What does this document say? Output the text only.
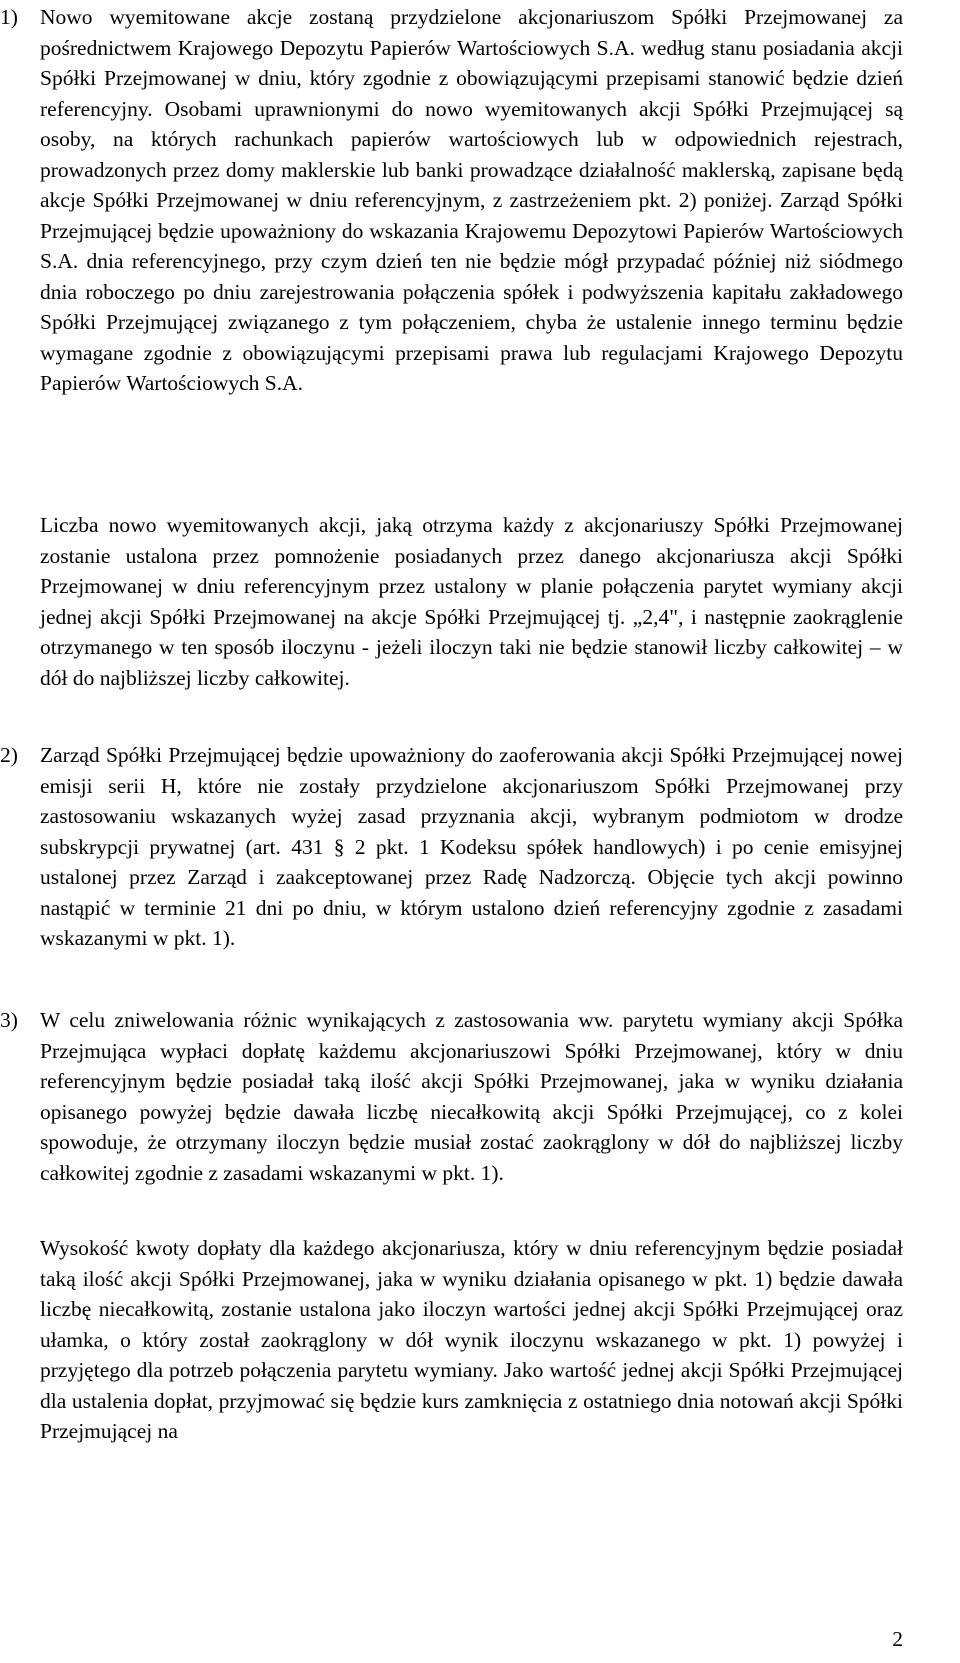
1) Nowo wyemitowane akcje zostaną przydzielone akcjonariuszom Spółki Przejmowanej za pośrednictwem Krajowego Depozytu Papierów Wartościowych S.A. według stanu posiadania akcji Spółki Przejmowanej w dniu, który zgodnie z obowiązującymi przepisami stanowić będzie dzień referencyjny. Osobami uprawnionymi do nowo wyemitowanych akcji Spółki Przejmującej są osoby, na których rachunkach papierów wartościowych lub w odpowiednich rejestrach, prowadzonych przez domy maklerskie lub banki prowadzące działalność maklerską, zapisane będą akcje Spółki Przejmowanej w dniu referencyjnym, z zastrzeżeniem pkt. 2) poniżej. Zarząd Spółki Przejmującej będzie upoważniony do wskazania Krajowemu Depozytowi Papierów Wartościowych S.A. dnia referencyjnego, przy czym dzień ten nie będzie mógł przypadać później niż siódmego dnia roboczego po dniu zarejestrowania połączenia spółek i podwyższenia kapitału zakładowego Spółki Przejmującej związanego z tym połączeniem, chyba że ustalenie innego terminu będzie wymagane zgodnie z obowiązującymi przepisami prawa lub regulacjami Krajowego Depozytu Papierów Wartościowych S.A.

Liczba nowo wyemitowanych akcji, jaką otrzyma każdy z akcjonariuszy Spółki Przejmowanej zostanie ustalona przez pomnożenie posiadanych przez danego akcjonariusza akcji Spółki Przejmowanej w dniu referencyjnym przez ustalony w planie połączenia parytet wymiany akcji jednej akcji Spółki Przejmowanej na akcje Spółki Przejmującej tj. „2,4", i następnie zaokrąglenie otrzymanego w ten sposób iloczynu - jeżeli iloczyn taki nie będzie stanowił liczby całkowitej – w dół do najbliższej liczby całkowitej.

2) Zarząd Spółki Przejmującej będzie upoważniony do zaoferowania akcji Spółki Przejmującej nowej emisji serii H, które nie zostały przydzielone akcjonariuszom Spółki Przejmowanej przy zastosowaniu wskazanych wyżej zasad przyznania akcji, wybranym podmiotom w drodze subskrypcji prywatnej (art. 431 § 2 pkt. 1 Kodeksu spółek handlowych) i po cenie emisyjnej ustalonej przez Zarząd i zaakceptowanej przez Radę Nadzorczą. Objęcie tych akcji powinno nastąpić w terminie 21 dni po dniu, w którym ustalono dzień referencyjny zgodnie z zasadami wskazanymi w pkt. 1).

3) W celu zniwelowania różnic wynikających z zastosowania ww. parytetu wymiany akcji Spółka Przejmująca wypłaci dopłatę każdemu akcjonariuszowi Spółki Przejmowanej, który w dniu referencyjnym będzie posiadał taką ilość akcji Spółki Przejmowanej, jaka w wyniku działania opisanego powyżej będzie dawała liczbę niecałkowitą akcji Spółki Przejmującej, co z kolei spowoduje, że otrzymany iloczyn będzie musiał zostać zaokrąglony w dół do najbliższej liczby całkowitej zgodnie z zasadami wskazanymi w pkt. 1).

Wysokość kwoty dopłaty dla każdego akcjonariusza, który w dniu referencyjnym będzie posiadał taką ilość akcji Spółki Przejmowanej, jaka w wyniku działania opisanego w pkt. 1) będzie dawała liczbę niecałkowitą, zostanie ustalona jako iloczyn wartości jednej akcji Spółki Przejmującej oraz ułamka, o który został zaokrąglony w dół wynik iloczynu wskazanego w pkt. 1) powyżej i przyjętego dla potrzeb połączenia parytetu wymiany. Jako wartość jednej akcji Spółki Przejmującej dla ustalenia dopłat, przyjmować się będzie kurs zamknięcia z ostatniego dnia notowań akcji Spółki Przejmującej na

2
